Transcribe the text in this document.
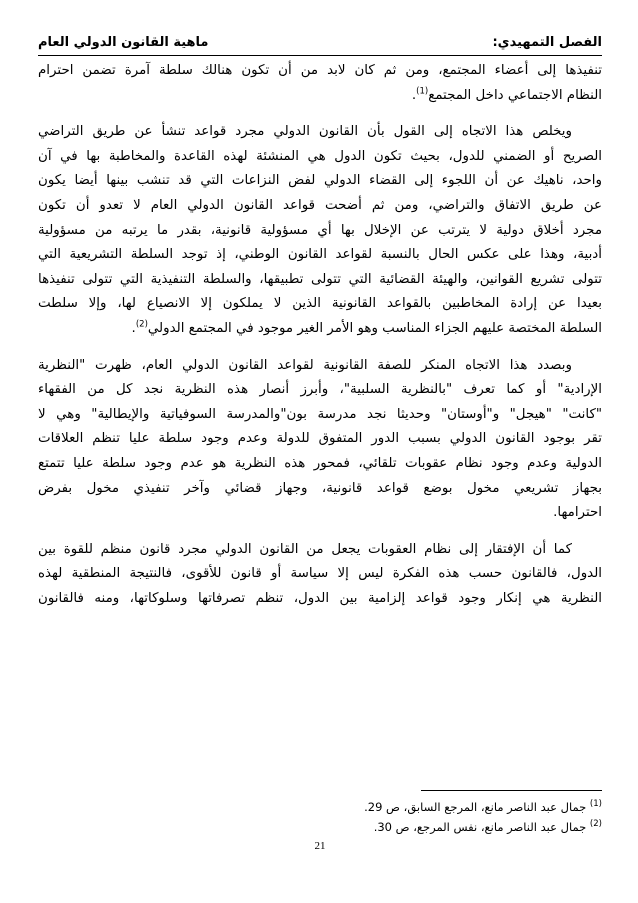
الفصل التمهيدي:
ماهية القانون الدولي العام
تنفيذها إلى أعضاء المجتمع، ومن ثم كان لابد من أن تكون هنالك سلطة آمرة تضمن احترام
النظام الاجتماعي داخل المجتمع$^{(1)}$.
ويخلص هذا الاتجاه إلى القول بأن القانون الدولي مجرد قواعد تنشأ عن طريق التراضي
الصريح أو الضمني للدول، بحيث تكون الدول هي المنشئة لهذه القاعدة والمخاطبة بها في آن
واحد، ناهيك عن أن اللجوء إلى القضاء الدولي لفض النزاعات التي قد تنشب بينها أيضا يكون
عن طريق الاتفاق والتراضي، ومن ثم أضحت قواعد القانون الدولي العام لا تعدو أن تكون
مجرد أخلاق دولية لا يترتب عن الإخلال بها أي مسؤولية قانونية، بقدر ما يرتبه من مسؤولية
أدبية، وهذا على عكس الحال بالنسبة لقواعد القانون الوطني، إذ توجد السلطة التشريعية التي
تتولى تشريع القوانين، والهيئة القضائية التي تتولى تطبيقها، والسلطة التنفيذية التي تتولى تنفيذها
بعيدا عن إرادة المخاطبين بالقواعد القانونية الذين لا يملكون إلا الانصياع لها، وإلا سلطت
السلطة المختصة عليهم الجزاء المناسب وهو الأمر الغير موجود في المجتمع الدولي$^{(2)}$.
وبصدد هذا الاتجاه المنكر للصفة القانونية لقواعد القانون الدولي العام، ظهرت "النظرية
الإرادية" أو كما تعرف "بالنظرية السلبية"، وأبرز أنصار هذه النظرية نجد كل من الفقهاء
"كانت" "هيجل" و"أوستان" وحديثا نجد مدرسة بون"والمدرسة السوفياتية والإيطالية" وهي لا
تقر بوجود القانون الدولي بسبب الدور المتفوق للدولة وعدم وجود سلطة عليا تنظم العلاقات
الدولية وعدم وجود نظام عقوبات تلقائي، فمحور هذه النظرية هو عدم وجود سلطة عليا تتمتع
بجهاز تشريعي مخول بوضع قواعد قانونية، وجهاز قضائي وآخر تنفيذي مخول بفرض
احترامها.
كما أن الإفتقار إلى نظام العقوبات يجعل من القانون الدولي مجرد قانون منظم للقوة بين
الدول، فالقانون حسب هذه الفكرة ليس إلا سياسة أو قانون للأقوى، فالنتيجة المنطقية لهذه
النظرية هي إنكار وجود قواعد إلزامية بين الدول، تنظم تصرفاتها وسلوكاتها، ومنه فالقانون
$^{(1)}$ جمال عبد الناصر مانع، المرجع السابق، ص 29.
$^{(2)}$ جمال عبد الناصر مانع، نفس المرجع، ص 30.
21
